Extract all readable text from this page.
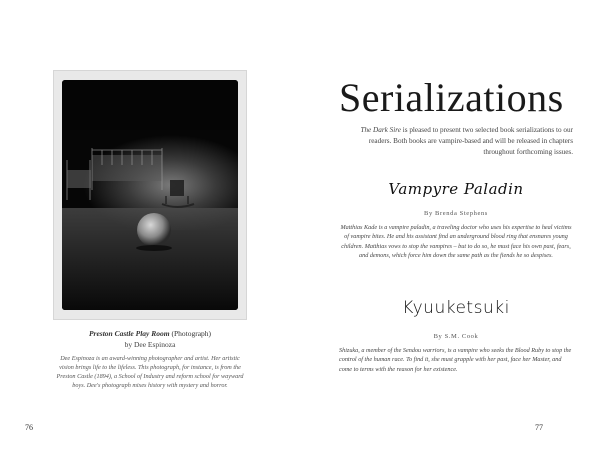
Preston Castle Play Room (Photograph)
by Dee Espinoza
Dee Espinoza is an award-winning photographer and artist. Her artistic vision brings life to the lifeless. This photograph, for instance, is from the Preston Castle (1894), a School of Industry and reform school for wayward boys. Dee's photograph mixes history with mystery and horror.
76
Serializations
The Dark Sire is pleased to present two selected book serializations to our readers. Both books are vampire-based and will be released in chapters throughout forthcoming issues.
Vampyre Paladin
By Brenda Stephens
Matthias Kade is a vampire paladin, a traveling doctor who uses his expertise to heal victims of vampire bites. He and his assistant find an underground blood ring that ensnares young children. Matthias vows to stop the vampires – but to do so, he must face his own past, fears, and demons, which force him down the same path as the fiends he so despises.
Kyuuketsuki
By S.M. Cook
Shizuka, a member of the Sendou warriors, is a vampire who seeks the Blood Ruby to stop the control of the human race. To find it, she must grapple with her past, face her Master, and come to terms with the reason for her existence.
77
